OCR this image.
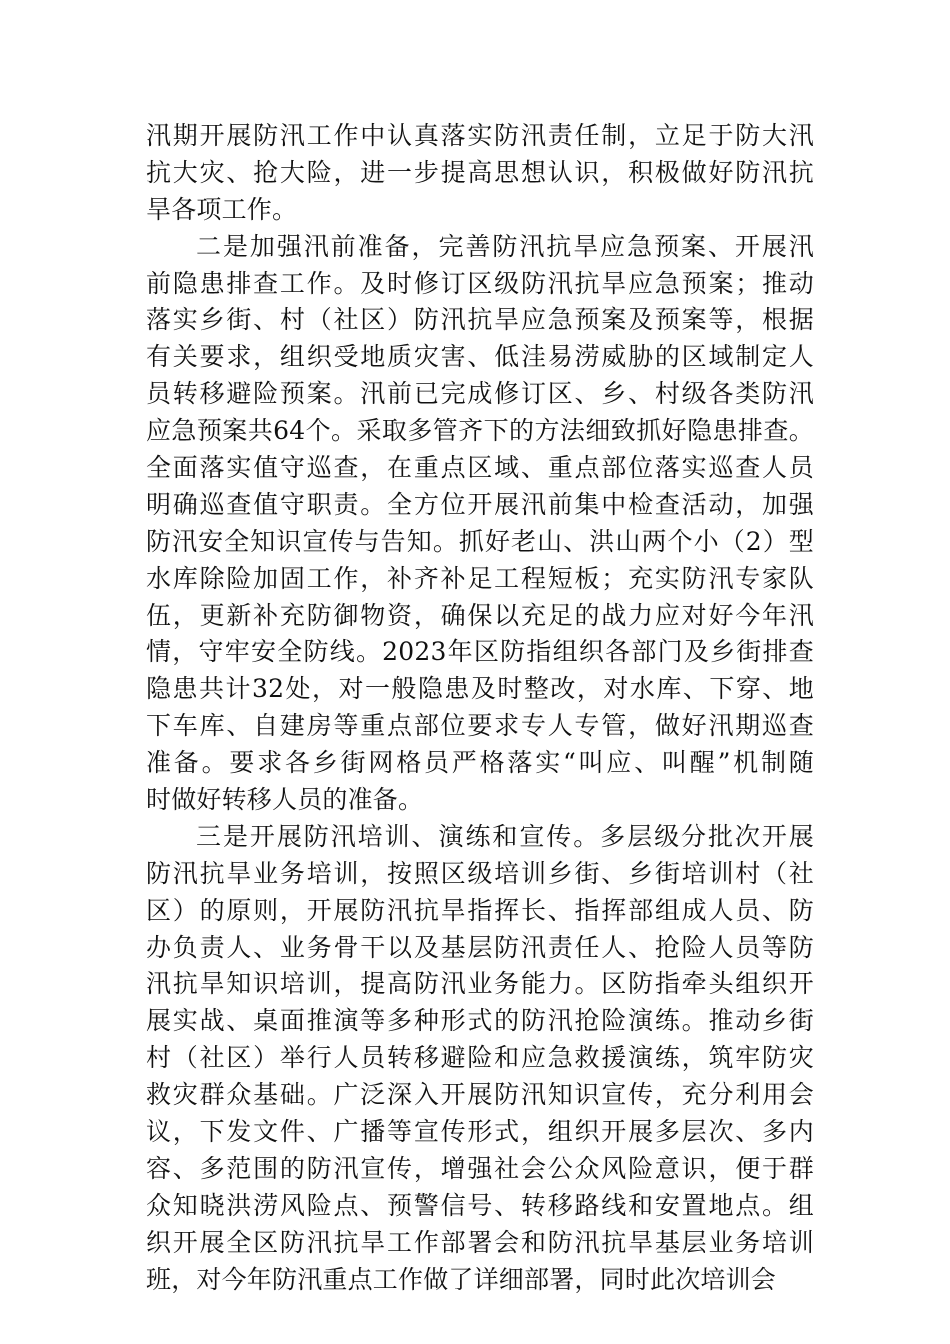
汛期开展防汛工作中认真落实防汛责任制，立足于防大汛
抗大灾、抢大险，进一步提高思想认识，积极做好防汛抗
旱各项工作。
二是加强汛前准备，完善防汛抗旱应急预案、开展汛
前隐患排查工作。及时修订区级防汛抗旱应急预案；推动
落实乡街、村（社区）防汛抗旱应急预案及预案等，根据
有关要求，组织受地质灾害、低洼易涝威胁的区域制定人
员转移避险预案。汛前已完成修订区、乡、村级各类防汛
应急预案共64个。采取多管齐下的方法细致抓好隐患排查。
全面落实值守巡查，在重点区域、重点部位落实巡查人员
明确巡查值守职责。全方位开展汛前集中检查活动，加强
防汛安全知识宣传与告知。抓好老山、洪山两个小（2）型
水库除险加固工作，补齐补足工程短板；充实防汛专家队
伍，更新补充防御物资，确保以充足的战力应对好今年汛
情，守牢安全防线。2023年区防指组织各部门及乡街排查
隐患共计32处，对一般隐患及时整改，对水库、下穿、地
下车库、自建房等重点部位要求专人专管，做好汛期巡查
准备。要求各乡街网格员严格落实“叫应、叫醒”机制随
时做好转移人员的准备。
三是开展防汛培训、演练和宣传。多层级分批次开展
防汛抗旱业务培训，按照区级培训乡街、乡街培训村（社
区）的原则，开展防汛抗旱指挥长、指挥部组成人员、防
办负责人、业务骨干以及基层防汛责任人、抢险人员等防
汛抗旱知识培训，提高防汛业务能力。区防指牵头组织开
展实战、桌面推演等多种形式的防汛抢险演练。推动乡街
村（社区）举行人员转移避险和应急救援演练，筑牢防灾
救灾群众基础。广泛深入开展防汛知识宣传，充分利用会
议，下发文件、广播等宣传形式，组织开展多层次、多内
容、多范围的防汛宣传，增强社会公众风险意识，便于群
众知晓洪涝风险点、预警信号、转移路线和安置地点。组
织开展全区防汛抗旱工作部署会和防汛抗旱基层业务培训
班，对今年防汛重点工作做了详细部署，同时此次培训会
